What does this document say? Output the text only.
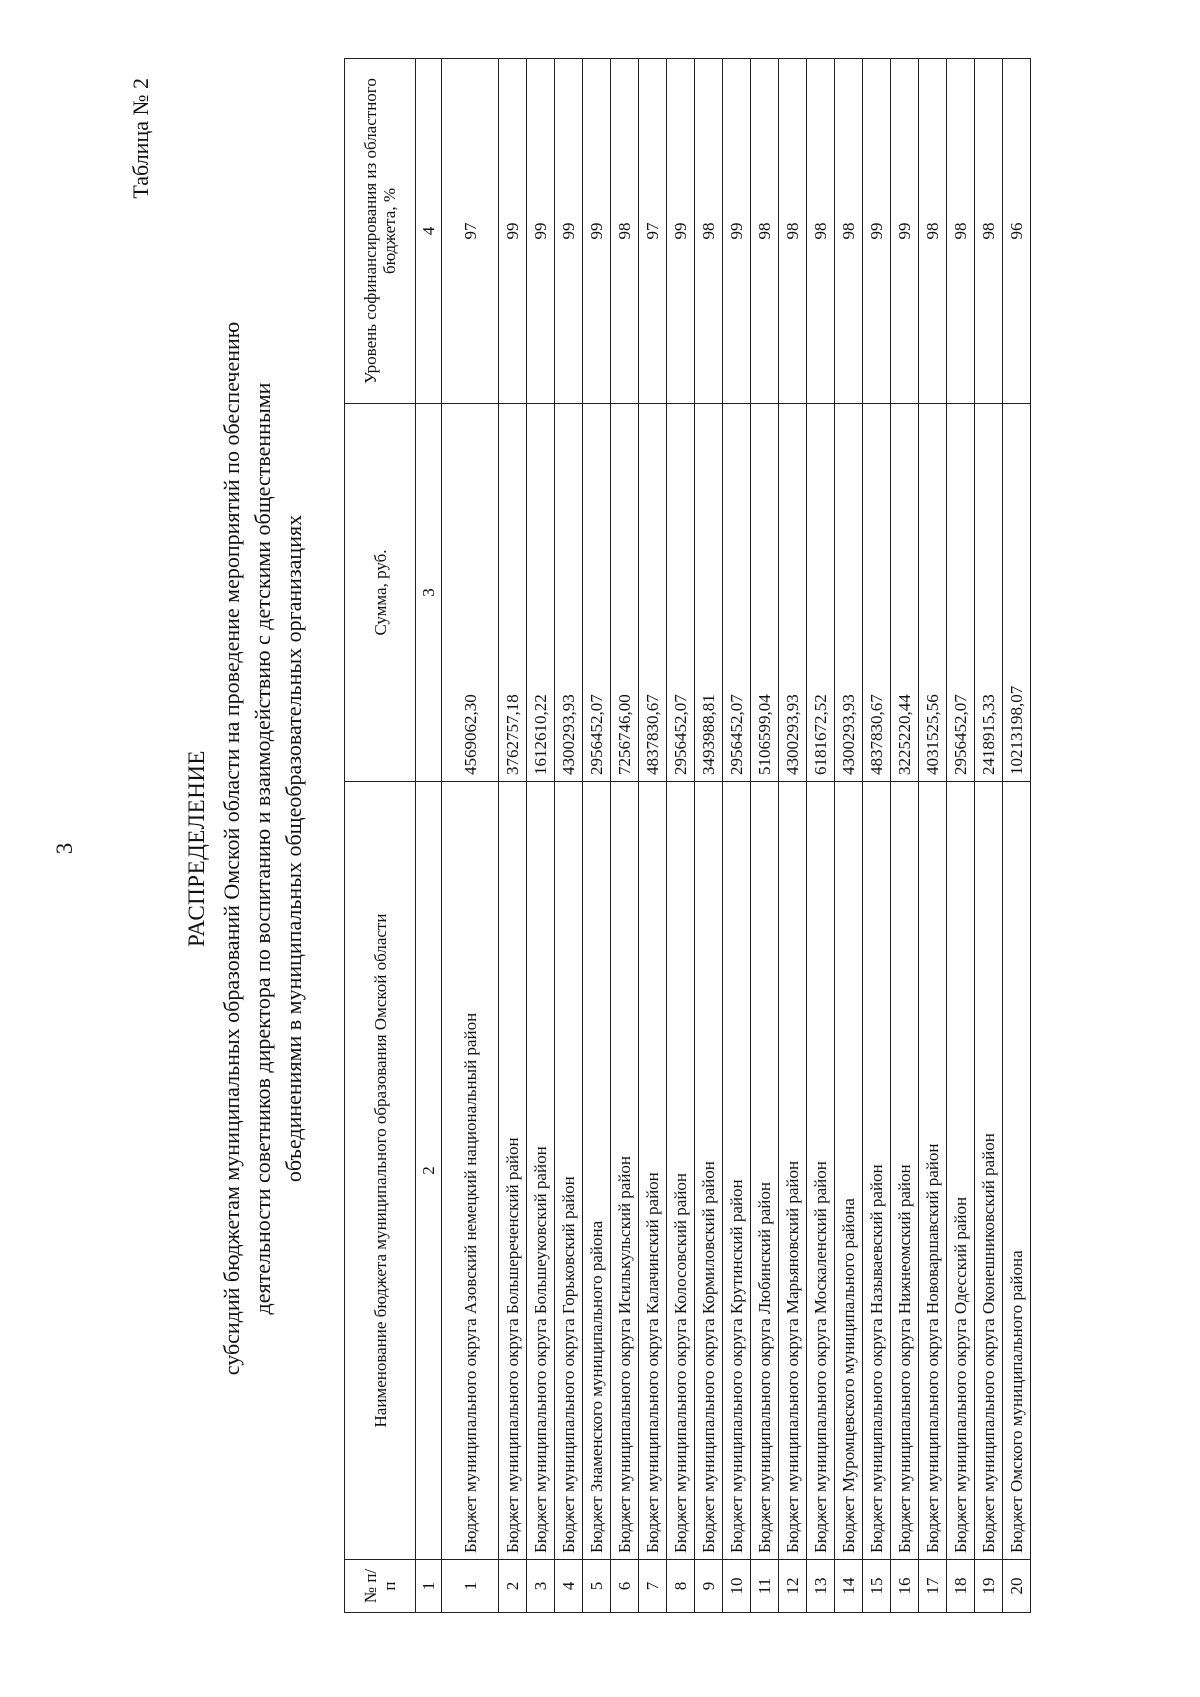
3
Таблица № 2
РАСПРЕДЕЛЕНИЕ субсидий бюджетам муниципальных образований Омской области на проведение мероприятий по обеспечению деятельности советников директора по воспитанию и взаимодействию с детскими общественными объединениями в муниципальных общеобразовательных организациях
№ п/п	Наименование бюджета муниципального образования Омской области	Сумма, руб.	Уровень софинансирования из областного бюджета, %
1	2	3	4
1	Бюджет муниципального округа Азовский немецкий национальный район	4569062,30	97
2	Бюджет муниципального округа Большереченский район	3762757,18	99
3	Бюджет муниципального округа Большеуковский район	1612610,22	99
4	Бюджет муниципального округа Горьковский район	4300293,93	99
5	Бюджет Знаменского муниципального района	2956452,07	99
6	Бюджет муниципального округа Исилькульский район	7256746,00	98
7	Бюджет муниципального округа Калачинский район	4837830,67	97
8	Бюджет муниципального округа Колосовский район	2956452,07	99
9	Бюджет муниципального округа Кормиловский район	3493988,81	98
10	Бюджет муниципального округа Крутинский район	2956452,07	99
11	Бюджет муниципального округа Любинский район	5106599,04	98
12	Бюджет муниципального округа Марьяновский район	4300293,93	98
13	Бюджет муниципального округа Москаленский район	6181672,52	98
14	Бюджет Муромцевского муниципального района	4300293,93	98
15	Бюджет муниципального округа Называевский район	4837830,67	99
16	Бюджет муниципального округа Нижнеомский район	3225220,44	99
17	Бюджет муниципального округа Нововаршавский район	4031525,56	98
18	Бюджет муниципального округа Одесский район	2956452,07	98
19	Бюджет муниципального округа Оконешниковский район	2418915,33	98
20	Бюджет Омского муниципального района	10213198,07	96
